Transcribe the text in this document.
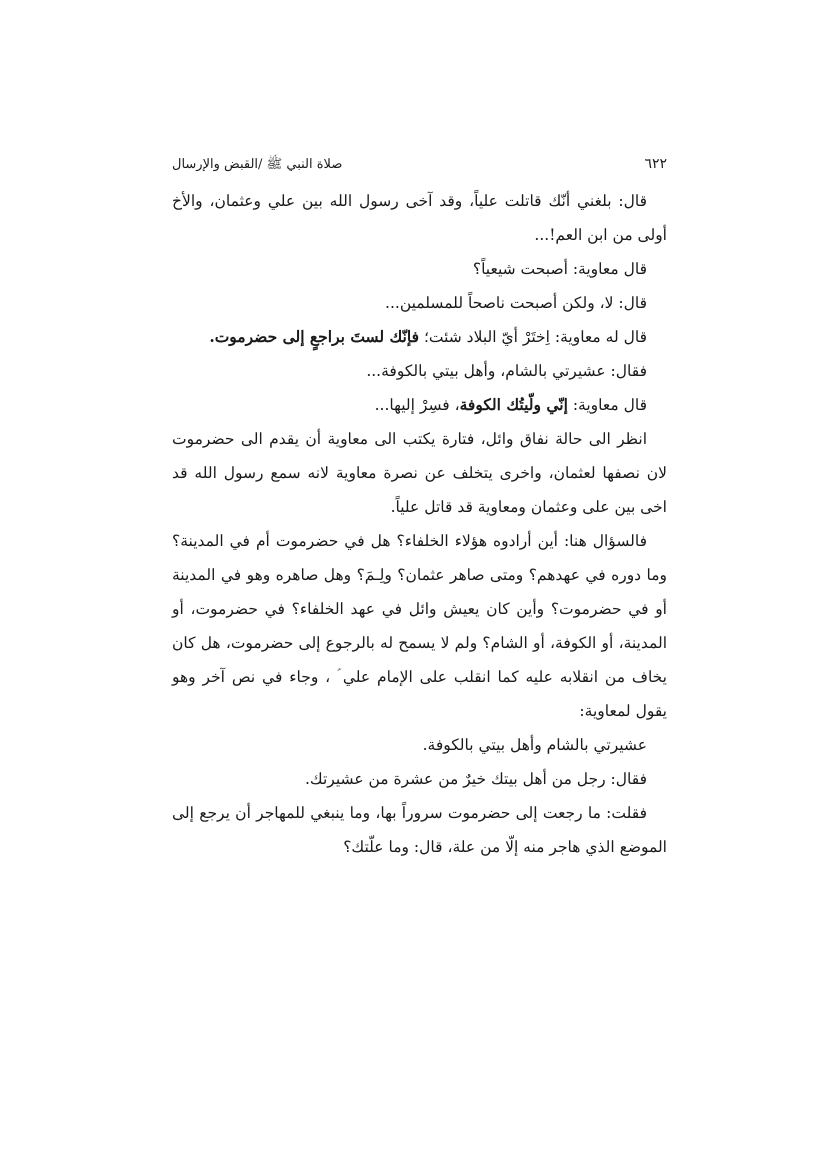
٦٢٢
صلاة النبي ﷺ /القبض والإرسال

قال: بلغني أنّك قاتلت علياً، وقد آخى رسول الله بين علي وعثمان، والأخ أولى من ابن العم!...

قال معاوية: أصبحت شيعياً؟

قال: لا، ولكن أصبحت ناصحاً للمسلمين...

قال له معاوية: اِختَرْ أيّ البلاد شئت؛ فإنّك لستَ براجعٍ إلى حضرموت.

فقال: عشيرتي بالشام، وأهل بيتي بالكوفة...

قال معاوية: إنّي ولّيتُك الكوفة، فسِرْ إليها...

انظر الى حالة نفاق وائل، فتارة يكتب الى معاوية أن يقدم الى حضرموت لان نصفها لعثمان، واخرى يتخلف عن نصرة معاوية لانه سمع رسول الله قد اخى بين على وعثمان ومعاوية قد قاتل علياً.

فالسؤال هنا: أين أرادوه هؤلاء الخلفاء؟ هل في حضرموت أم في المدينة؟ وما دوره في عهدهم؟ ومتى صاهر عثمان؟ ولِـمَ؟ وهل صاهره وهو في المدينة أو في حضرموت؟ وأين كان يعيش وائل في عهد الخلفاء؟ في حضرموت، أو المدينة، أو الكوفة، أو الشام؟ ولم لا يسمح له بالرجوع إلى حضرموت، هل كان يخاف من انقلابه عليه كما انقلب على الإمام علي ؑ ، وجاء في نص آخر وهو يقول لمعاوية:

عشيرتي بالشام وأهل بيتي بالكوفة.

فقال: رجل من أهل بيتك خيرٌ من عشرة من عشيرتك.

فقلت: ما رجعت إلى حضرموت سروراً بها، وما ينبغي للمهاجر أن يرجع إلى الموضع الذي هاجر منه إلّا من علة، قال: وما علّتك؟
